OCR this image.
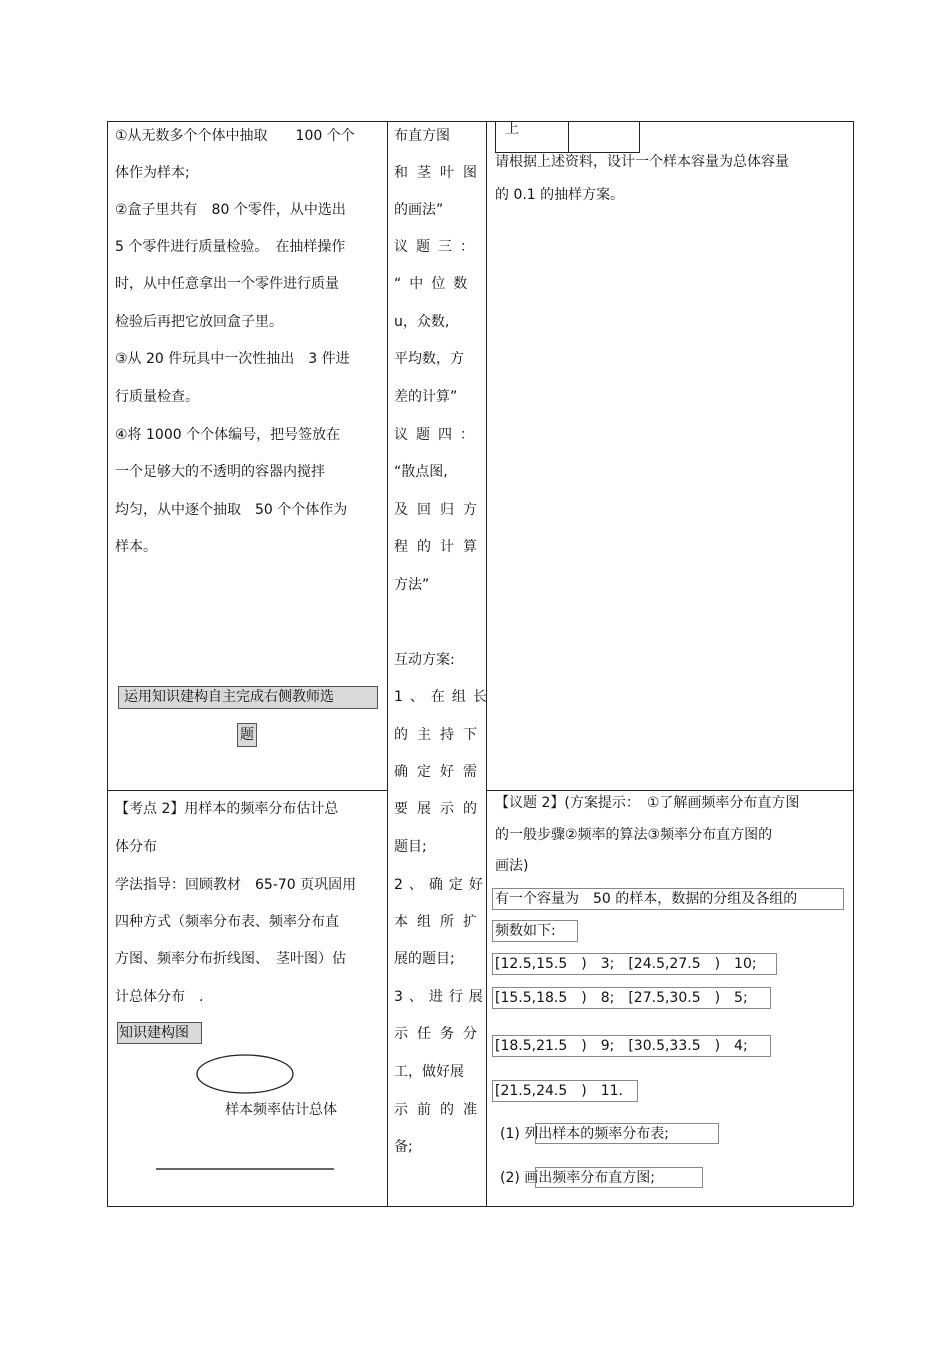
①从无数多个个体中抽取　　100 个个
体作为样本;
②盒子里共有　80 个零件，从中选出
5 个零件进行质量检验。　在抽样操作
时，从中任意拿出一个零件进行质量
检验后再把它放回盒子里。
③从 20 件玩具中一次性抽出　3 件进
行质量检查。
④将 1000 个个体编号，把号签放在
一个足够大的不透明的容器内搅拌
均匀，从中逐个抽取　50 个个体作为
样本。
运用知识建构自主完成右侧教师选
题
【考点 2】用样本的频率分布估计总
体分布
学法指导：回顾教材　65-70 页巩固用
四种方式（频率分布表、频率分布直
方图、频率分布折线图、　茎叶图）估
计总体分布　.
知识建构图
样本频率估计总体
布直方图
和茎叶图
的画法”
议题三：
“中位数
u，众数,
平均数，方
差的计算”
议题四：
“散点图,
及回归方
程的计算
方法”
互动方案:
1、在组长
的主持下
确定好需
要展示的
题目;
2、确定好
本组所扩
展的题目;
3、进行展
示任务分
工，做好展
示前的准
备;
上
请根据上述资料，设计一个样本容量为总体容量
的 0.1 的抽样方案。
【议题 2】(方案提示：　①了解画频率分布直方图
的一般步骤②频率的算法③频率分布直方图的
画法)
有一个容量为　50 的样本，数据的分组及各组的
频数如下:
[12.5,15.5　)　3;　[24.5,27.5　)　10;
[15.5,18.5　)　8;　[27.5,30.5　)　5;
[18.5,21.5　)　9;　[30.5,33.5　)　4;
[21.5,24.5　)　11.
(1) 列出样本的频率分布表;
(2) 画出频率分布直方图;
